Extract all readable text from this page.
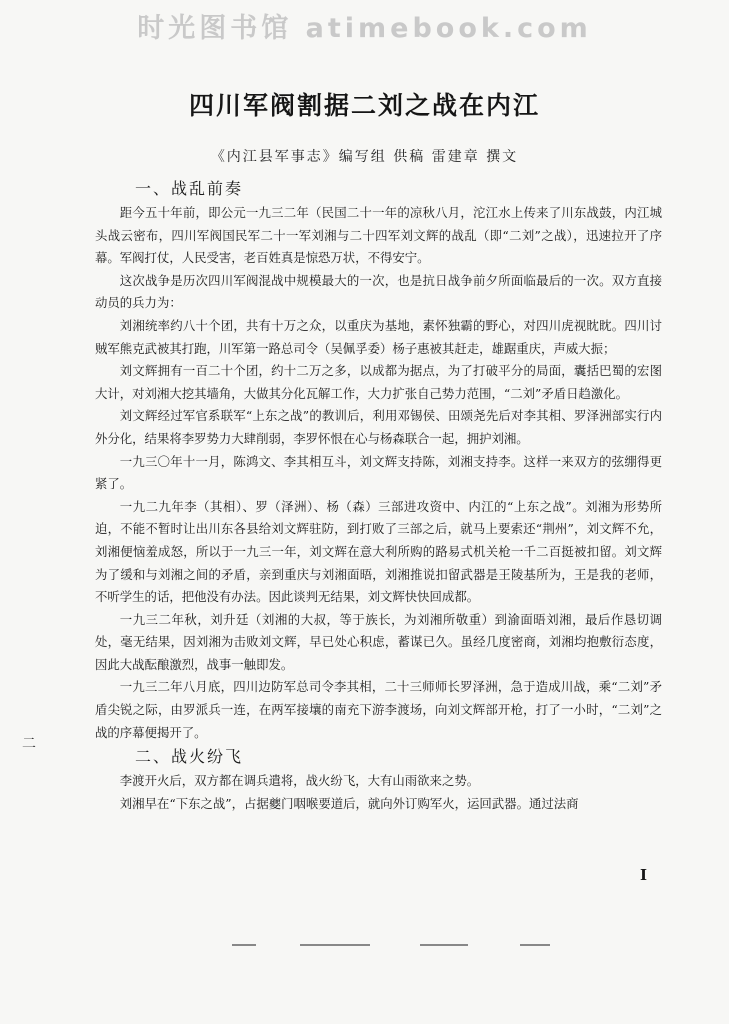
时光图书馆 atimebook.com
四川军阀割据二刘之战在内江
《内江县军事志》编写组 供稿 雷建章 撰文
一、战乱前奏

距今五十年前，即公元一九三二年（民国二十一年的凉秋八月，沱江水上传来了川东战鼓，内江城头战云密布，四川军阀国民军二十一军刘湘与二十四军刘文辉的战乱（即“二刘”之战），迅速拉开了序幕。军阀打仗，人民受害，老百姓真是惊恐万状，不得安宁。

这次战争是历次四川军阀混战中规模最大的一次，也是抗日战争前夕所面临最后的一次。双方直接动员的兵力为：

刘湘统率约八十个团，共有十万之众，以重庆为基地，素怀独霸的野心，对四川虎视眈眈。四川讨贼军熊克武被其打跑，川军第一路总司令（吴佩孚委）杨子惠被其赶走，雄踞重庆，声威大振；

刘文辉拥有一百二十个团，约十二万之多，以成都为据点，为了打破平分的局面，囊括巴蜀的宏图大计，对刘湘大挖其墙角，大做其分化瓦解工作，大力扩张自己势力范围，“二刘”矛盾日趋激化。

刘文辉经过军官系联军“上东之战”的教训后，利用邓锡侯、田颂尧先后对李其相、罗泽洲部实行内外分化，结果将李罗势力大肆削弱，李罗怀恨在心与杨森联合一起，拥护刘湘。

一九三〇年十一月，陈鸿文、李其相互斗，刘文辉支持陈，刘湘支持李。这样一来双方的弦绷得更紧了。

一九二九年李（其相）、罗（泽洲）、杨（森）三部进攻资中、内江的“上东之战”。刘湘为形势所迫，不能不暂时让出川东各县给刘文辉驻防，到打败了三部之后，就马上要索还“荆州”，刘文辉不允，刘湘便恼羞成怒，所以于一九三一年，刘文辉在意大利所购的路易式机关枪一千二百挺被扣留。刘文辉为了缓和与刘湘之间的矛盾，亲到重庆与刘湘面晤，刘湘推说扣留武器是王陵基所为，王是我的老师，不听学生的话，把他没有办法。因此谈判无结果，刘文辉快快回成都。

一九三二年秋，刘升廷（刘湘的大叔，等于族长，为刘湘所敬重）到渝面晤刘湘，最后作恳切调处，毫无结果，因刘湘为击败刘文辉，早已处心积虑，蓄谋已久。虽经几度密商，刘湘均抱敷衍态度，因此大战酝酿激烈，战事一触即发。

一九三二年八月底，四川边防军总司令李其相，二十三师师长罗泽洲，急于造成川战，乘“二刘”矛盾尖锐之际，由罗派兵一连，在两军接壤的南充下游李渡场，向刘文辉部开枪，打了一小时，“二刘”之战的序幕便揭开了。

二、战火纷飞

李渡开火后，双方都在调兵遣将，战火纷飞，大有山雨欲来之势。

刘湘早在“下东之战”，占据夔门咽喉要道后，就向外订购军火，运回武器。通过法商

二
I
